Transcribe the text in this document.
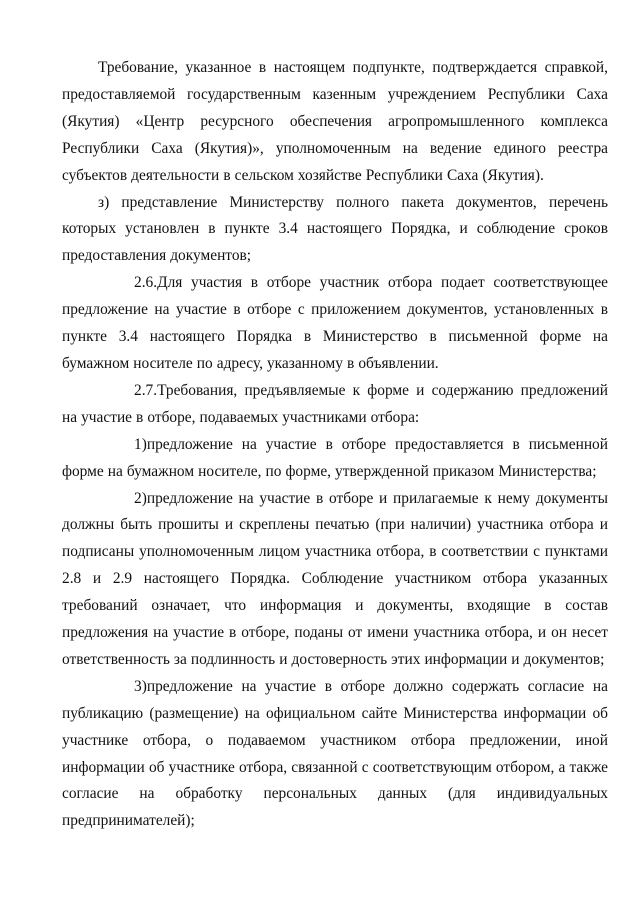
Требование, указанное в настоящем подпункте, подтверждается справкой, предоставляемой государственным казенным учреждением Республики Саха (Якутия) «Центр ресурсного обеспечения агропромышленного комплекса Республики Саха (Якутия)», уполномоченным на ведение единого реестра субъектов деятельности в сельском хозяйстве Республики Саха (Якутия).

з) представление Министерству полного пакета документов, перечень которых установлен в пункте 3.4 настоящего Порядка, и соблюдение сроков предоставления документов;

2.6.Для участия в отборе участник отбора подает соответствующее предложение на участие в отборе с приложением документов, установленных в пункте 3.4 настоящего Порядка в Министерство в письменной форме на бумажном носителе по адресу, указанному в объявлении.

2.7.Требования, предъявляемые к форме и содержанию предложений на участие в отборе, подаваемых участниками отбора:

1)предложение на участие в отборе предоставляется в письменной форме на бумажном носителе, по форме, утвержденной приказом Министерства;

2)предложение на участие в отборе и прилагаемые к нему документы должны быть прошиты и скреплены печатью (при наличии) участника отбора и подписаны уполномоченным лицом участника отбора, в соответствии с пунктами 2.8 и 2.9 настоящего Порядка. Соблюдение участником отбора указанных требований означает, что информация и документы, входящие в состав предложения на участие в отборе, поданы от имени участника отбора, и он несет ответственность за подлинность и достоверность этих информации и документов;

3)предложение на участие в отборе должно содержать согласие на публикацию (размещение) на официальном сайте Министерства информации об участнике отбора, о подаваемом участником отбора предложении, иной информации об участнике отбора, связанной с соответствующим отбором, а также согласие на обработку персональных данных (для индивидуальных предпринимателей);
